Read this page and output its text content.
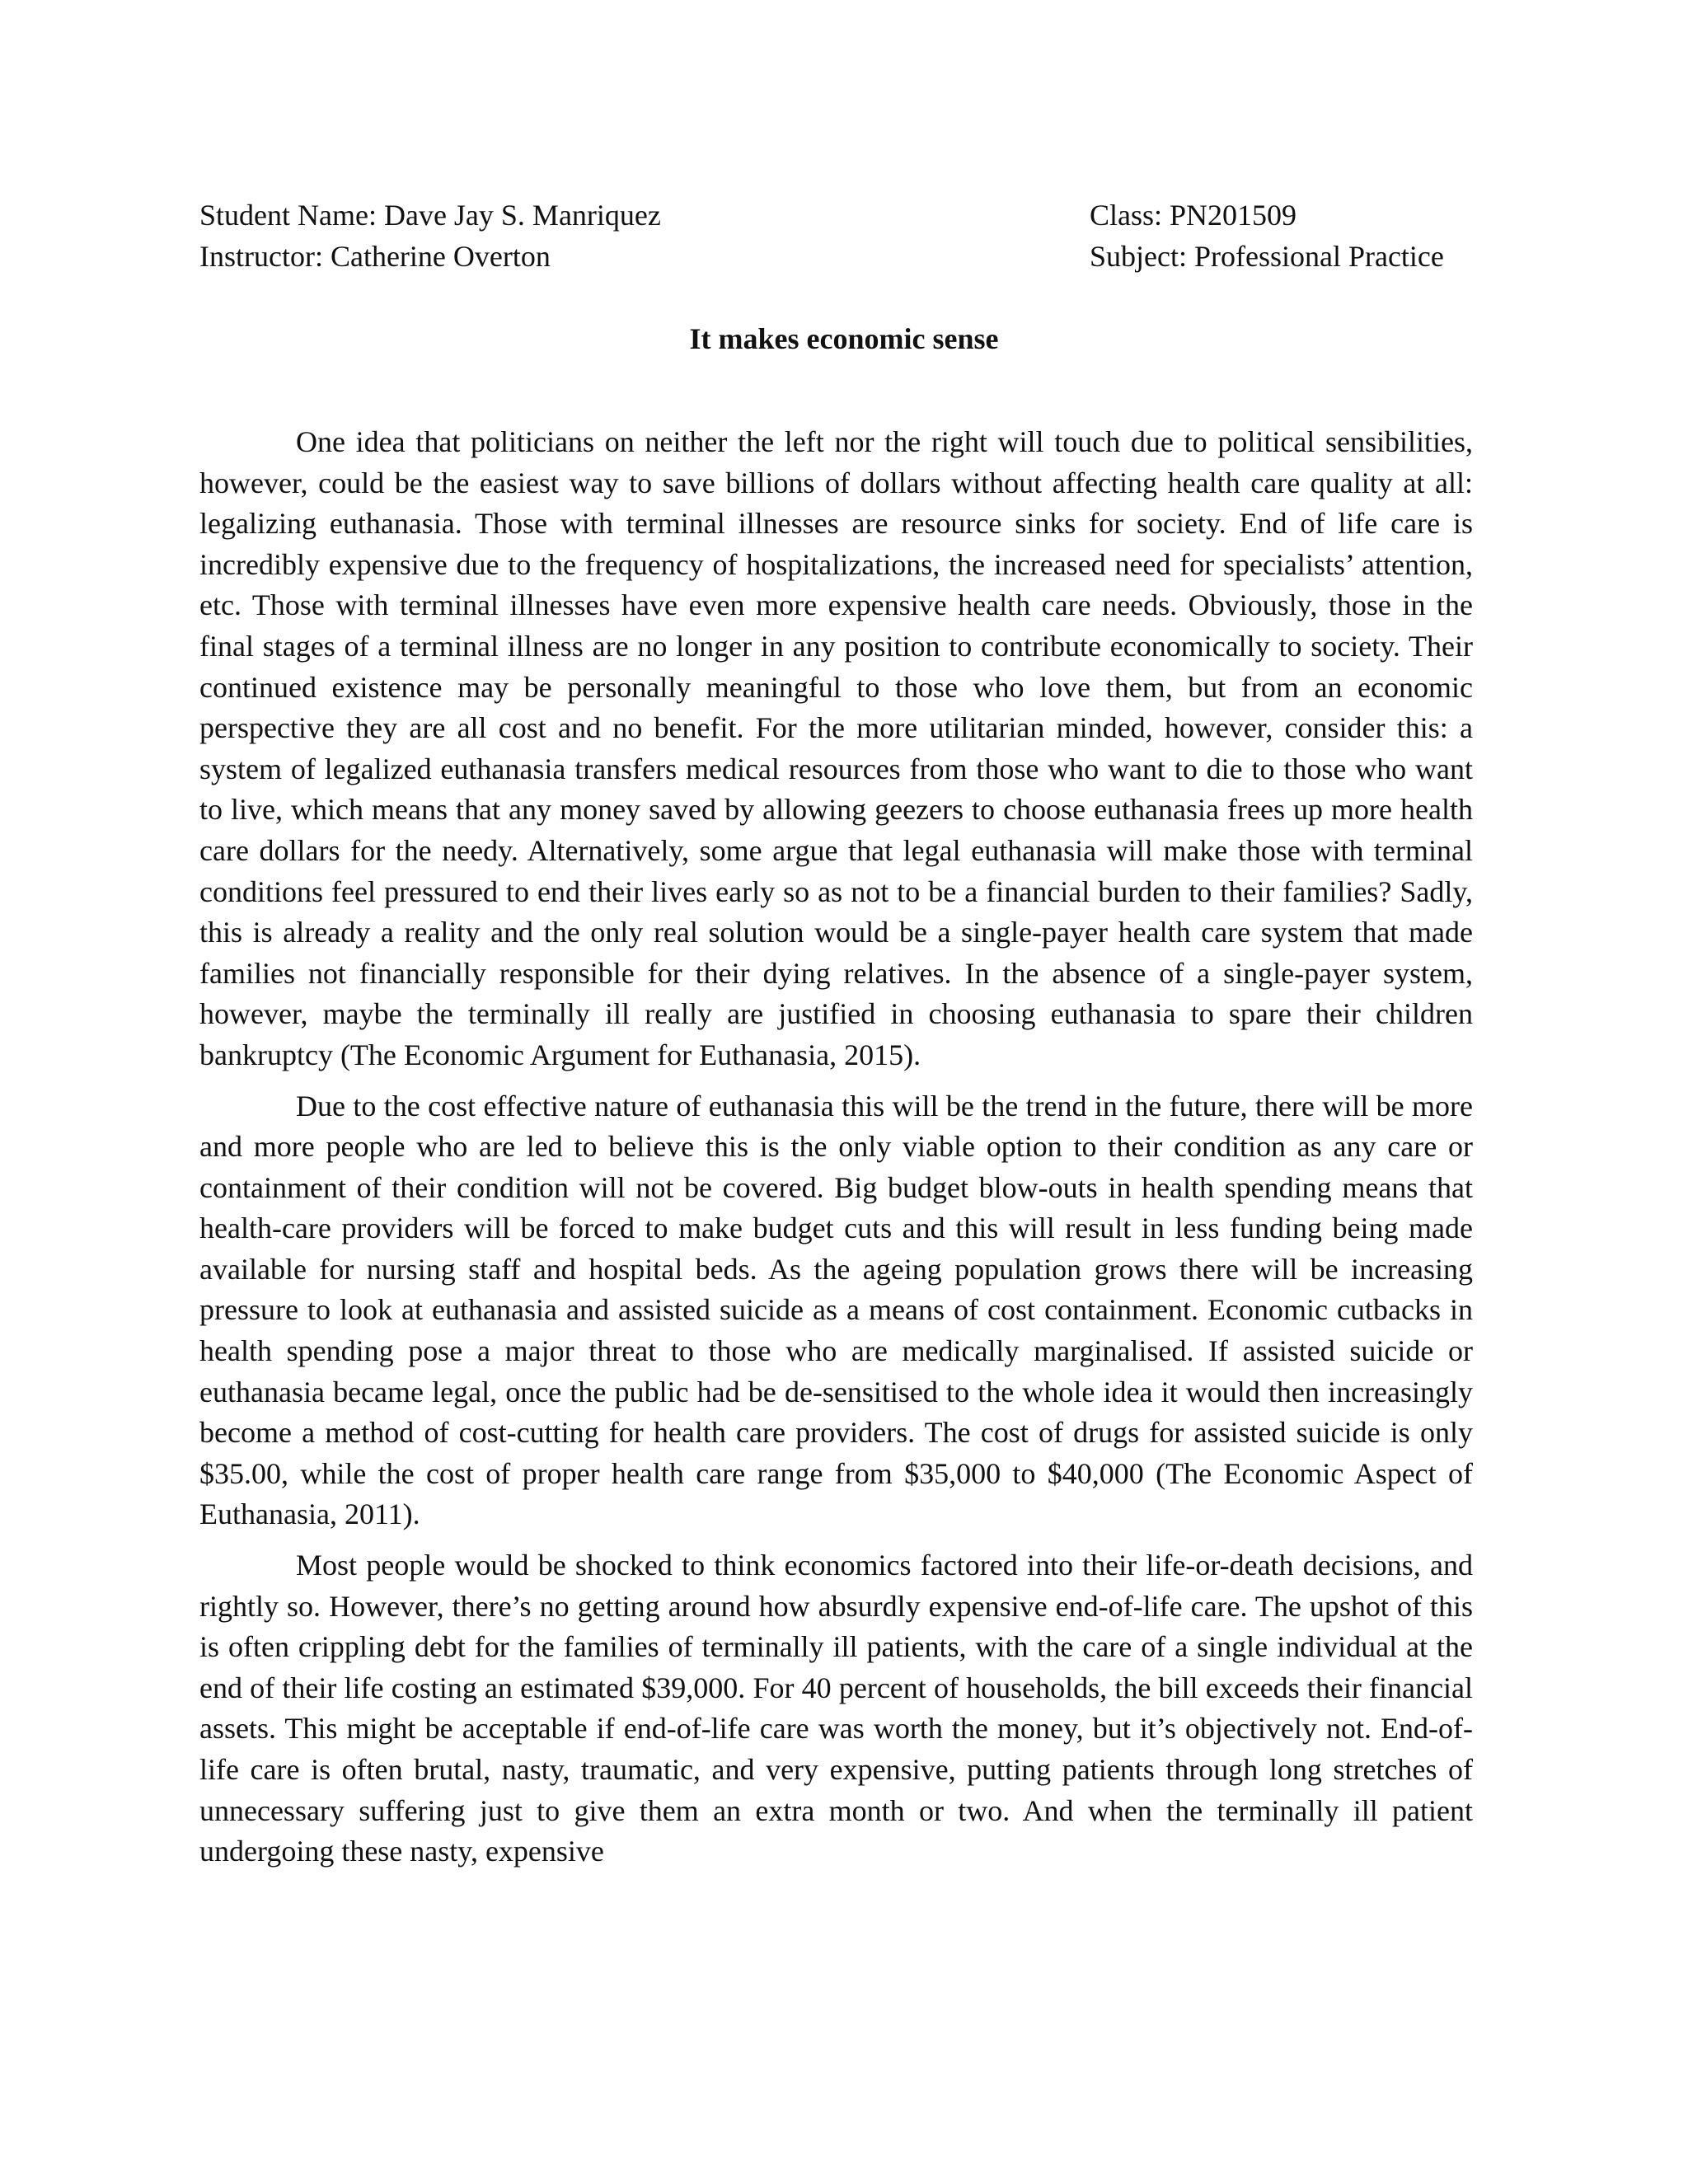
Student Name: Dave Jay S. Manriquez	Class: PN201509
Instructor: Catherine Overton	Subject: Professional Practice
It makes economic sense

One idea that politicians on neither the left nor the right will touch due to political sensibilities, however, could be the easiest way to save billions of dollars without affecting health care quality at all: legalizing euthanasia. Those with terminal illnesses are resource sinks for society. End of life care is incredibly expensive due to the frequency of hospitalizations, the increased need for specialists’ attention, etc. Those with terminal illnesses have even more expensive health care needs. Obviously, those in the final stages of a terminal illness are no longer in any position to contribute economically to society. Their continued existence may be personally meaningful to those who love them, but from an economic perspective they are all cost and no benefit. For the more utilitarian minded, however, consider this: a system of legalized euthanasia transfers medical resources from those who want to die to those who want to live, which means that any money saved by allowing geezers to choose euthanasia frees up more health care dollars for the needy. Alternatively, some argue that legal euthanasia will make those with terminal conditions feel pressured to end their lives early so as not to be a financial burden to their families? Sadly, this is already a reality and the only real solution would be a single-payer health care system that made families not financially responsible for their dying relatives. In the absence of a single-payer system, however, maybe the terminally ill really are justified in choosing euthanasia to spare their children bankruptcy (The Economic Argument for Euthanasia, 2015).

Due to the cost effective nature of euthanasia this will be the trend in the future, there will be more and more people who are led to believe this is the only viable option to their condition as any care or containment of their condition will not be covered. Big budget blow-outs in health spending means that health-care providers will be forced to make budget cuts and this will result in less funding being made available for nursing staff and hospital beds. As the ageing population grows there will be increasing pressure to look at euthanasia and assisted suicide as a means of cost containment. Economic cutbacks in health spending pose a major threat to those who are medically marginalised. If assisted suicide or euthanasia became legal, once the public had be de-sensitised to the whole idea it would then increasingly become a method of cost-cutting for health care providers. The cost of drugs for assisted suicide is only $35.00, while the cost of proper health care range from $35,000 to $40,000 (The Economic Aspect of Euthanasia, 2011).

Most people would be shocked to think economics factored into their life-or-death decisions, and rightly so. However, there’s no getting around how absurdly expensive end-of-life care. The upshot of this is often crippling debt for the families of terminally ill patients, with the care of a single individual at the end of their life costing an estimated $39,000. For 40 percent of households, the bill exceeds their financial assets. This might be acceptable if end-of-life care was worth the money, but it’s objectively not. End-of-life care is often brutal, nasty, traumatic, and very expensive, putting patients through long stretches of unnecessary suffering just to give them an extra month or two. And when the terminally ill patient undergoing these nasty, expensive
